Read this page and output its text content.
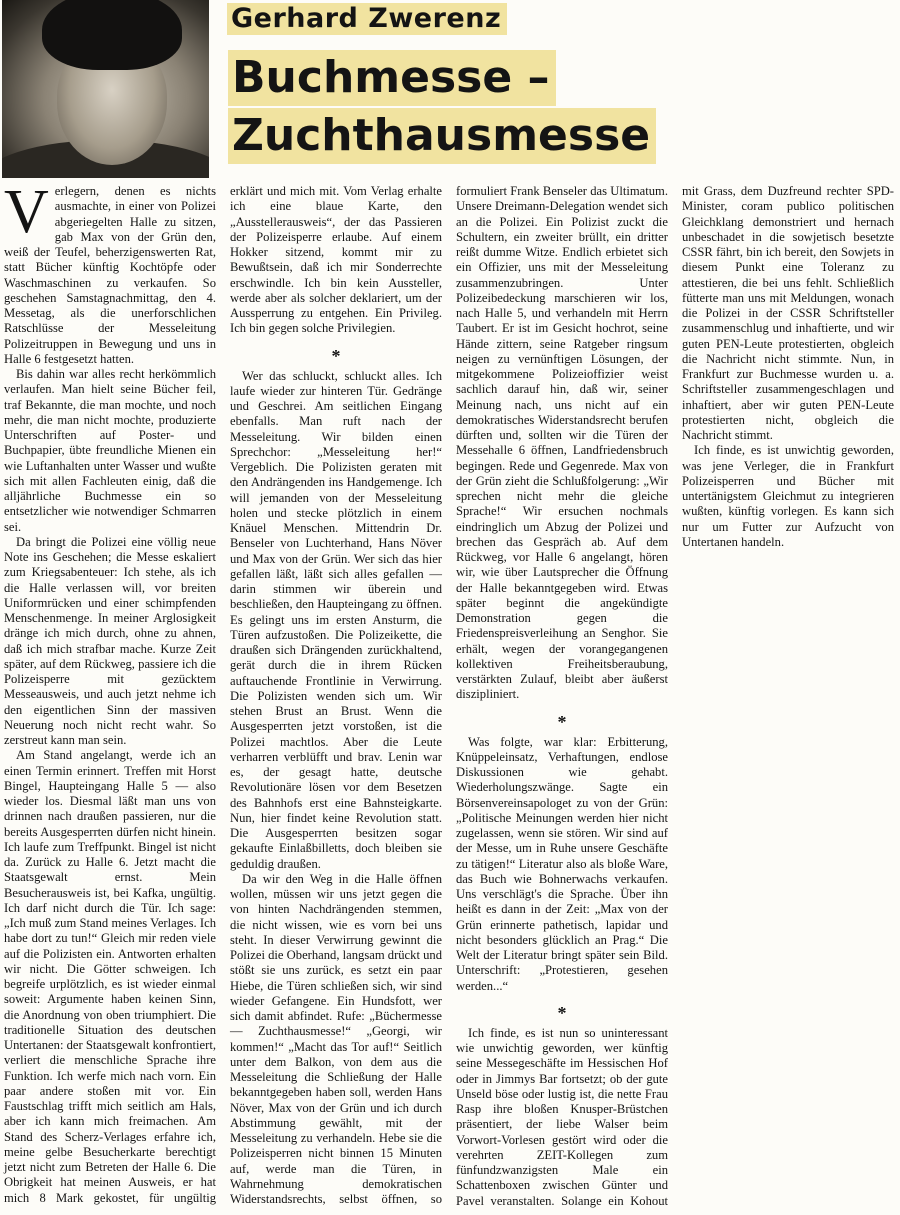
Gerhard Zwerenz
Buchmesse –
Zuchthausmesse

Verlegern, denen es nichts ausmachte, in einer von Polizei abgeriegelten Halle zu sitzen, gab Max von der Grün den, weiß der Teufel, beherzigenswerten Rat, statt Bücher künftig Kochtöpfe oder Waschmaschinen zu verkaufen. So geschehen Samstagnachmittag, den 4. Messetag, als die unerforschlichen Ratschlüsse der Messeleitung Polizeitruppen in Bewegung und uns in Halle 6 festgesetzt hatten.

Bis dahin war alles recht herkömmlich verlaufen. Man hielt seine Bücher feil, traf Bekannte, die man mochte, und noch mehr, die man nicht mochte, produzierte Unterschriften auf Poster- und Buchpapier, übte freundliche Mienen ein wie Luftanhalten unter Wasser und wußte sich mit allen Fachleuten einig, daß die alljährliche Buchmesse ein so entsetzlicher wie notwendiger Schmarren sei.

Da bringt die Polizei eine völlig neue Note ins Geschehen; die Messe eskaliert zum Kriegsabenteuer: Ich stehe, als ich die Halle verlassen will, vor breiten Uniformrücken und einer schimpfenden Menschenmenge. In meiner Arglosigkeit dränge ich mich durch, ohne zu ahnen, daß ich mich strafbar mache. Kurze Zeit später, auf dem Rückweg, passiere ich die Polizeisperre mit gezücktem Messeausweis, und auch jetzt nehme ich den eigentlichen Sinn der massiven Neuerung noch nicht recht wahr. So zerstreut kann man sein.

Am Stand angelangt, werde ich an einen Termin erinnert. Treffen mit Horst Bingel, Haupteingang Halle 5 — also wieder los. Diesmal läßt man uns von drinnen nach draußen passieren, nur die bereits Ausgesperrten dürfen nicht hinein. Ich laufe zum Treffpunkt. Bingel ist nicht da. Zurück zu Halle 6. Jetzt macht die Staatsgewalt ernst. Mein Besucherausweis ist, bei Kafka, ungültig. Ich darf nicht durch die Tür. Ich sage: „Ich muß zum Stand meines Verlages. Ich habe dort zu tun!“ Gleich mir reden viele auf die Polizisten ein. Antworten erhalten wir nicht. Die Götter schweigen. Ich begreife urplötzlich, es ist wieder einmal soweit: Argumente haben keinen Sinn, die Anordnung von oben triumphiert. Die traditionelle Situation des deutschen Untertanen: der Staatsgewalt konfrontiert, verliert die menschliche Sprache ihre Funktion. Ich werfe mich nach vorn. Ein paar andere stoßen mit vor. Ein Faustschlag trifft mich seitlich am Hals, aber ich kann mich freimachen. Am Stand des Scherz-Verlages erfahre ich, meine gelbe Besucherkarte berechtigt jetzt nicht zum Betreten der Halle 6. Die Obrigkeit hat meinen Ausweis, er hat mich 8 Mark gekostet, für ungültig erklärt und mich mit. Vom Verlag erhalte ich eine blaue Karte, den „Ausstellerausweis“, der das Passieren der Polizeisperre erlaube. Auf einem Hokker sitzend, kommt mir zu Bewußtsein, daß ich mir Sonderrechte erschwindle. Ich bin kein Aussteller, werde aber als solcher deklariert, um der Aussperrung zu entgehen. Ein Privileg. Ich bin gegen solche Privilegien.

*

Wer das schluckt, schluckt alles. Ich laufe wieder zur hinteren Tür. Gedränge und Geschrei. Am seitlichen Eingang ebenfalls. Man ruft nach der Messeleitung. Wir bilden einen Sprechchor: „Messeleitung her!“ Vergeblich. Die Polizisten geraten mit den Andrängenden ins Handgemenge. Ich will jemanden von der Messeleitung holen und stecke plötzlich in einem Knäuel Menschen. Mittendrin Dr. Benseler von Luchterhand, Hans Növer und Max von der Grün. Wer sich das hier gefallen läßt, läßt sich alles gefallen — darin stimmen wir überein und beschließen, den Haupteingang zu öffnen. Es gelingt uns im ersten Ansturm, die Türen aufzustoßen. Die Polizeikette, die draußen sich Drängenden zurückhaltend, gerät durch die in ihrem Rücken auftauchende Frontlinie in Verwirrung. Die Polizisten wenden sich um. Wir stehen Brust an Brust. Wenn die Ausgesperrten jetzt vorstoßen, ist die Polizei machtlos. Aber die Leute verharren verblüfft und brav. Lenin war es, der gesagt hatte, deutsche Revolutionäre lösen vor dem Besetzen des Bahnhofs erst eine Bahnsteigkarte. Nun, hier findet keine Revolution statt. Die Ausgesperrten besitzen sogar gekaufte Einlaßbilletts, doch bleiben sie geduldig draußen.

Da wir den Weg in die Halle öffnen wollen, müssen wir uns jetzt gegen die von hinten Nachdrängenden stemmen, die nicht wissen, wie es vorn bei uns steht. In dieser Verwirrung gewinnt die Polizei die Oberhand, langsam drückt und stößt sie uns zurück, es setzt ein paar Hiebe, die Türen schließen sich, wir sind wieder Gefangene. Ein Hundsfott, wer sich damit abfindet. Rufe: „Büchermesse — Zuchthausmesse!“ „Georgi, wir kommen!“ „Macht das Tor auf!“ Seitlich unter dem Balkon, von dem aus die Messeleitung die Schließung der Halle bekanntgegeben haben soll, werden Hans Növer, Max von der Grün und ich durch Abstimmung gewählt, mit der Messeleitung zu verhandeln. Hebe sie die Polizeisperren nicht binnen 15 Minuten auf, werde man die Türen, in Wahrnehmung demokratischen Widerstandsrechts, selbst öffnen, so formuliert Frank Benseler das Ultimatum. Unsere Dreimann-Delegation wendet sich an die Polizei. Ein Polizist zuckt die Schultern, ein zweiter brüllt, ein dritter reißt dumme Witze. Endlich erbietet sich ein Offizier, uns mit der Messeleitung zusammenzubringen. Unter Polizeibedeckung marschieren wir los, nach Halle 5, und verhandeln mit Herrn Taubert. Er ist im Gesicht hochrot, seine Hände zittern, seine Ratgeber ringsum neigen zu vernünftigen Lösungen, der mitgekommene Polizeioffizier weist sachlich darauf hin, daß wir, seiner Meinung nach, uns nicht auf ein demokratisches Widerstandsrecht berufen dürften und, sollten wir die Türen der Messehalle 6 öffnen, Landfriedensbruch begingen. Rede und Gegenrede. Max von der Grün zieht die Schlußfolgerung: „Wir sprechen nicht mehr die gleiche Sprache!“ Wir ersuchen nochmals eindringlich um Abzug der Polizei und brechen das Gespräch ab. Auf dem Rückweg, vor Halle 6 angelangt, hören wir, wie über Lautsprecher die Öffnung der Halle bekanntgegeben wird. Etwas später beginnt die angekündigte Demonstration gegen die Friedenspreisverleihung an Senghor. Sie erhält, wegen der vorangegangenen kollektiven Freiheitsberaubung, verstärkten Zulauf, bleibt aber äußerst diszipliniert.

*

Was folgte, war klar: Erbitterung, Knüppeleinsatz, Verhaftungen, endlose Diskussionen wie gehabt. Wiederholungszwänge. Sagte ein Börsenvereinsapologet zu von der Grün: „Politische Meinungen werden hier nicht zugelassen, wenn sie stören. Wir sind auf der Messe, um in Ruhe unsere Geschäfte zu tätigen!“ Literatur also als bloße Ware, das Buch wie Bohnerwachs verkaufen. Uns verschlägt's die Sprache. Über ihn heißt es dann in der Zeit: „Max von der Grün erinnerte pathetisch, lapidar und nicht besonders glücklich an Prag.“ Die Welt der Literatur bringt später sein Bild. Unterschrift: „Protestieren, gesehen werden...“

*

Ich finde, es ist nun so uninteressant wie unwichtig geworden, wer künftig seine Messegeschäfte im Hessischen Hof oder in Jimmys Bar fortsetzt; ob der gute Unseld böse oder lustig ist, die nette Frau Rasp ihre bloßen Knusper-Brüstchen präsentiert, der liebe Walser beim Vorwort-Vorlesen gestört wird oder die verehrten ZEIT-Kollegen zum fünfundzwanzigsten Male ein Schattenboxen zwischen Günter und Pavel veranstalten. Solange ein Kohout mit Grass, dem Duzfreund rechter SPD-Minister, coram publico politischen Gleichklang demonstriert und hernach unbeschadet in die sowjetisch besetzte CSSR fährt, bin ich bereit, den Sowjets in diesem Punkt eine Toleranz zu attestieren, die bei uns fehlt. Schließlich fütterte man uns mit Meldungen, wonach die Polizei in der CSSR Schriftsteller zusammenschlug und inhaftierte, und wir guten PEN-Leute protestierten, obgleich die Nachricht nicht stimmte. Nun, in Frankfurt zur Buchmesse wurden u. a. Schriftsteller zusammengeschlagen und inhaftiert, aber wir guten PEN-Leute protestierten nicht, obgleich die Nachricht stimmt.

Ich finde, es ist unwichtig geworden, was jene Verleger, die in Frankfurt Polizeisperren und Bücher mit untertänigstem Gleichmut zu integrieren wußten, künftig vorlegen. Es kann sich nur um Futter zur Aufzucht von Untertanen handeln.
